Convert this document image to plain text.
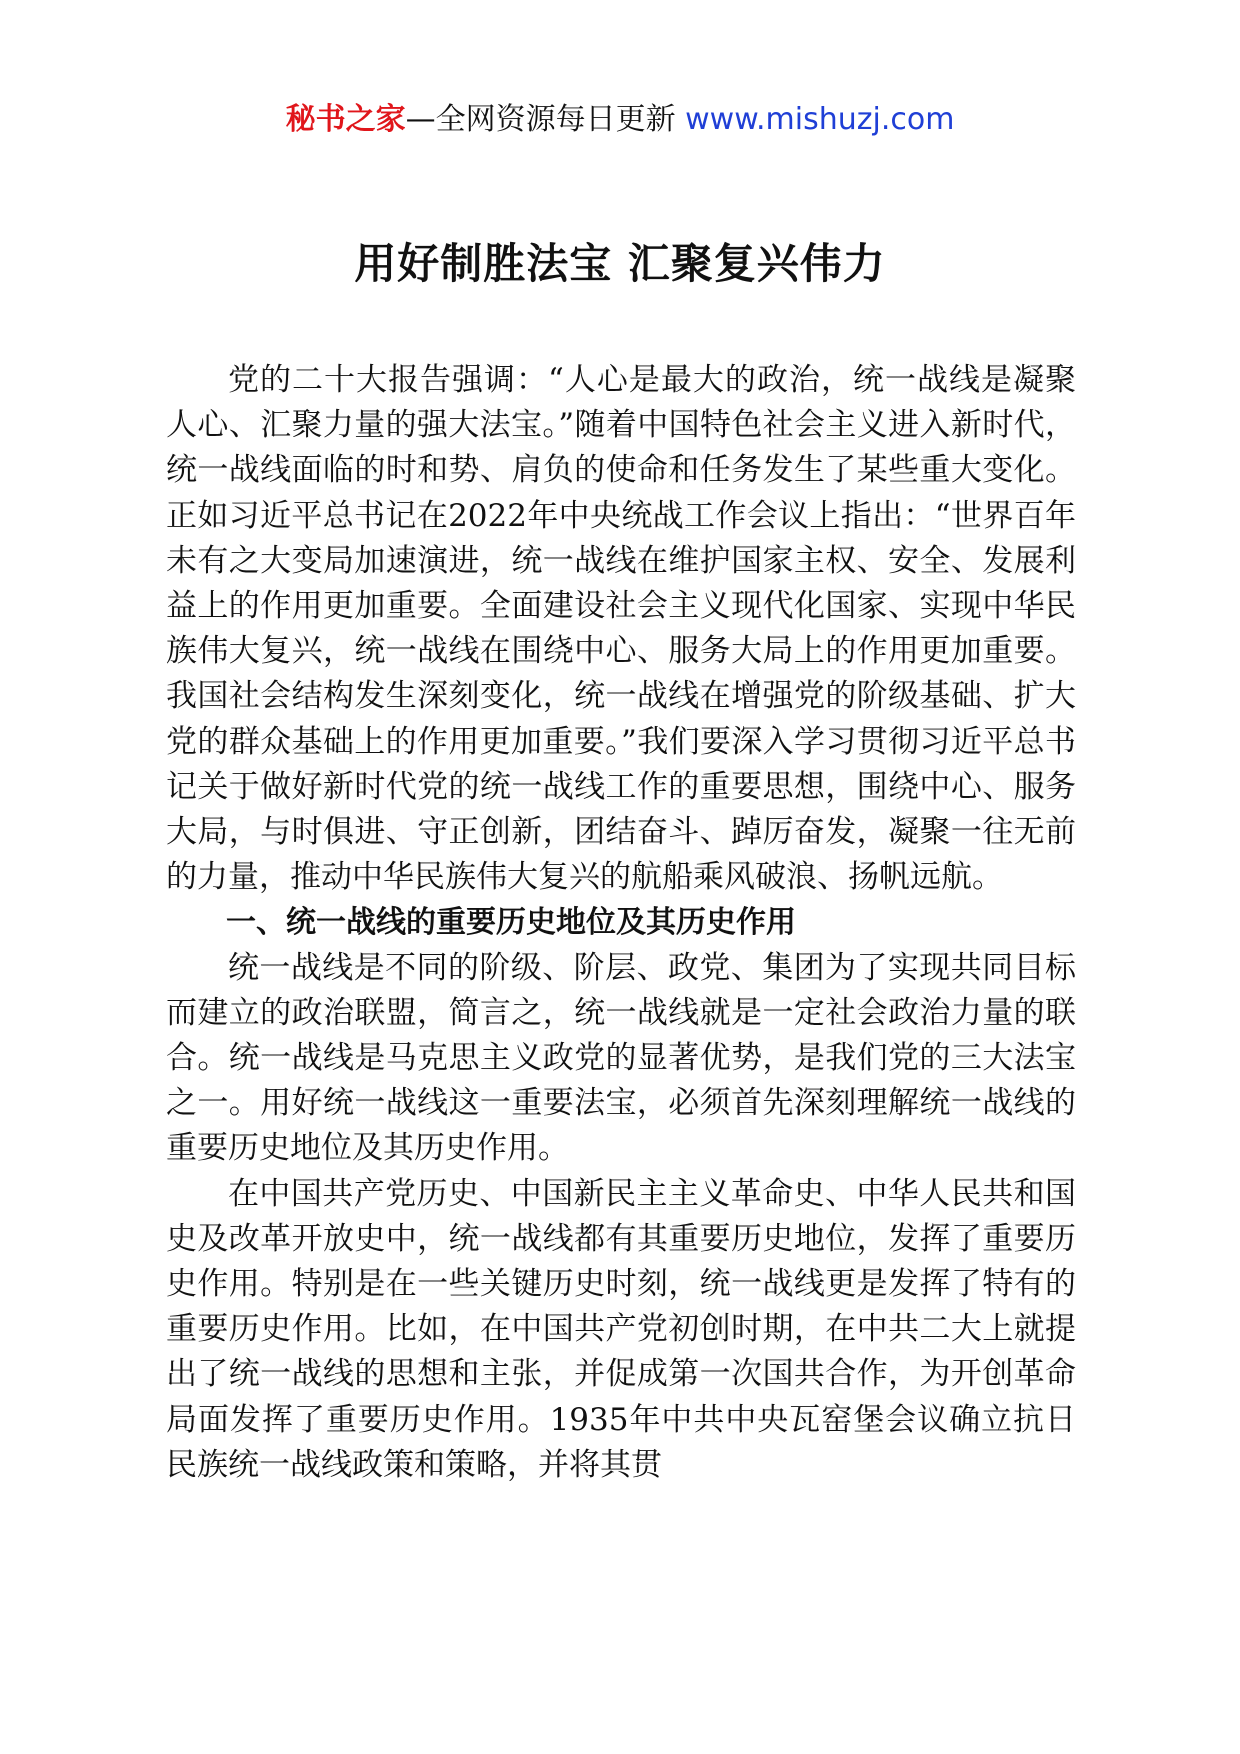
秘书之家—全网资源每日更新 www.mishuzj.com
用好制胜法宝 汇聚复兴伟力

党的二十大报告强调：“人心是最大的政治，统一战线是凝聚人心、汇聚力量的强大法宝。”随着中国特色社会主义进入新时代，统一战线面临的时和势、肩负的使命和任务发生了某些重大变化。正如习近平总书记在2022年中央统战工作会议上指出：“世界百年未有之大变局加速演进，统一战线在维护国家主权、安全、发展利益上的作用更加重要。全面建设社会主义现代化国家、实现中华民族伟大复兴，统一战线在围绕中心、服务大局上的作用更加重要。我国社会结构发生深刻变化，统一战线在增强党的阶级基础、扩大党的群众基础上的作用更加重要。”我们要深入学习贯彻习近平总书记关于做好新时代党的统一战线工作的重要思想，围绕中心、服务大局，与时俱进、守正创新，团结奋斗、踔厉奋发，凝聚一往无前的力量，推动中华民族伟大复兴的航船乘风破浪、扬帆远航。

一、统一战线的重要历史地位及其历史作用

统一战线是不同的阶级、阶层、政党、集团为了实现共同目标而建立的政治联盟，简言之，统一战线就是一定社会政治力量的联合。统一战线是马克思主义政党的显著优势，是我们党的三大法宝之一。用好统一战线这一重要法宝，必须首先深刻理解统一战线的重要历史地位及其历史作用。

在中国共产党历史、中国新民主主义革命史、中华人民共和国史及改革开放史中，统一战线都有其重要历史地位，发挥了重要历史作用。特别是在一些关键历史时刻，统一战线更是发挥了特有的重要历史作用。比如，在中国共产党初创时期，在中共二大上就提出了统一战线的思想和主张，并促成第一次国共合作，为开创革命局面发挥了重要历史作用。1935年中共中央瓦窑堡会议确立抗日民族统一战线政策和策略，并将其贯
